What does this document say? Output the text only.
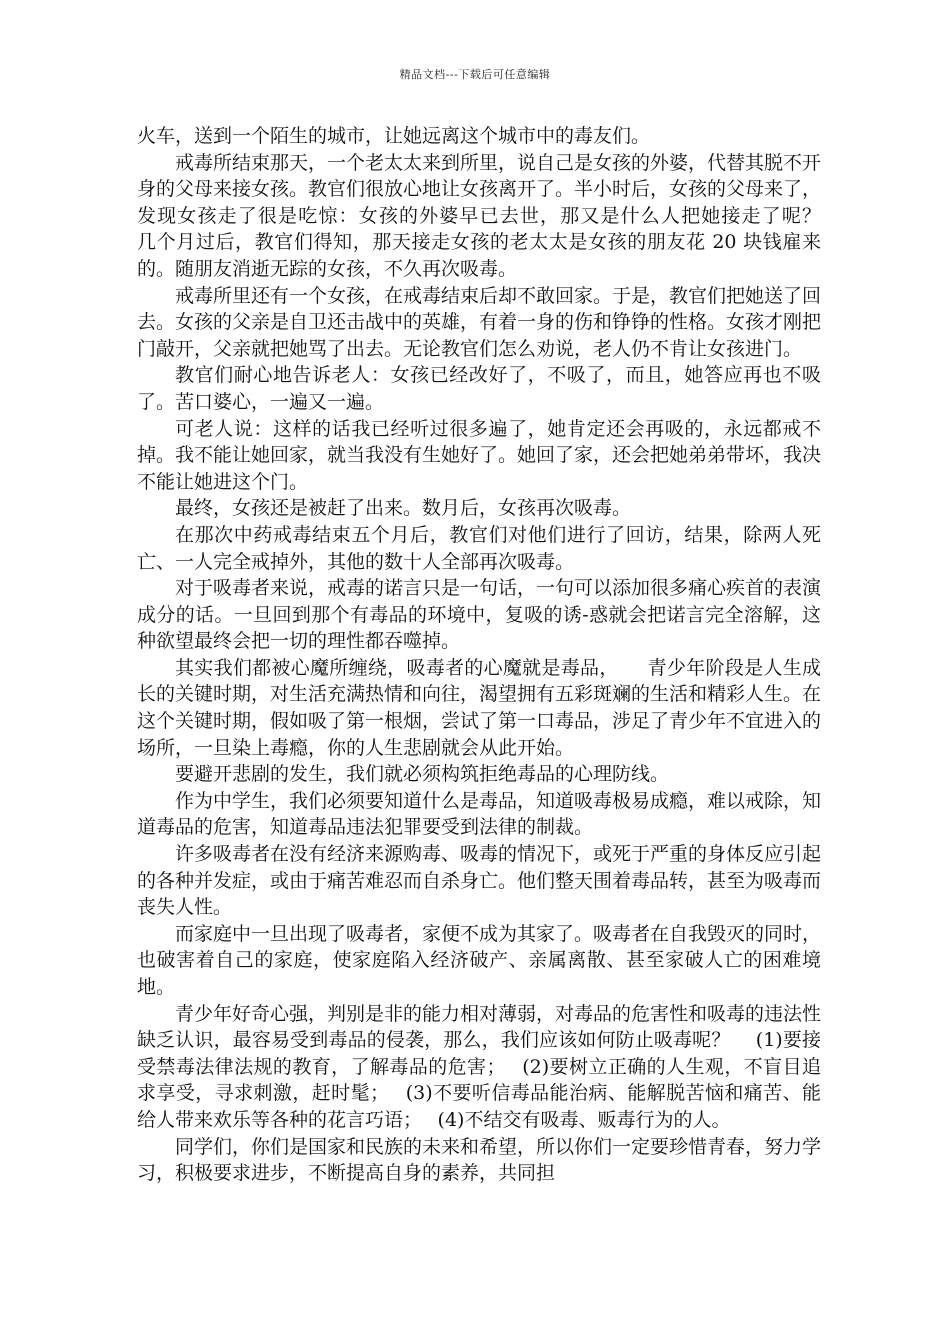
精品文档---下载后可任意编辑

火车，送到一个陌生的城市，让她远离这个城市中的毒友们。

戒毒所结束那天，一个老太太来到所里，说自己是女孩的外婆，代替其脱不开身的父母来接女孩。教官们很放心地让女孩离开了。半小时后，女孩的父母来了，发现女孩走了很是吃惊：女孩的外婆早已去世，那又是什么人把她接走了呢？　 几个月过后，教官们得知，那天接走女孩的老太太是女孩的朋友花 20 块钱雇来的。随朋友消逝无踪的女孩，不久再次吸毒。

戒毒所里还有一个女孩，在戒毒结束后却不敢回家。于是，教官们把她送了回去。女孩的父亲是自卫还击战中的英雄，有着一身的伤和铮铮的性格。女孩才刚把门敲开，父亲就把她骂了出去。无论教官们怎么劝说，老人仍不肯让女孩进门。

教官们耐心地告诉老人：女孩已经改好了，不吸了，而且，她答应再也不吸了。苦口婆心，一遍又一遍。

可老人说：这样的话我已经听过很多遍了，她肯定还会再吸的，永远都戒不掉。我不能让她回家，就当我没有生她好了。她回了家，还会把她弟弟带坏，我决不能让她进这个门。

最终，女孩还是被赶了出来。数月后，女孩再次吸毒。

在那次中药戒毒结束五个月后，教官们对他们进行了回访，结果，除两人死亡、一人完全戒掉外，其他的数十人全部再次吸毒。

对于吸毒者来说，戒毒的诺言只是一句话，一句可以添加很多痛心疾首的表演成分的话。一旦回到那个有毒品的环境中，复吸的诱-惑就会把诺言完全溶解，这种欲望最终会把一切的理性都吞噬掉。

其实我们都被心魔所缠绕，吸毒者的心魔就是毒品，　　青少年阶段是人生成长的关键时期，对生活充满热情和向往，渴望拥有五彩斑斓的生活和精彩人生。在这个关键时期，假如吸了第一根烟，尝试了第一口毒品，涉足了青少年不宜进入的场所，一旦染上毒瘾，你的人生悲剧就会从此开始。

要避开悲剧的发生，我们就必须构筑拒绝毒品的心理防线。

作为中学生，我们必须要知道什么是毒品，知道吸毒极易成瘾，难以戒除，知道毒品的危害，知道毒品违法犯罪要受到法律的制裁。

许多吸毒者在没有经济来源购毒、吸毒的情况下，或死于严重的身体反应引起的各种并发症，或由于痛苦难忍而自杀身亡。他们整天围着毒品转，甚至为吸毒而丧失人性。

而家庭中一旦出现了吸毒者，家便不成为其家了。吸毒者在自我毁灭的同时，也破害着自己的家庭，使家庭陷入经济破产、亲属离散、甚至家破人亡的困难境地。

青少年好奇心强，判别是非的能力相对薄弱，对毒品的危害性和吸毒的违法性缺乏认识，最容易受到毒品的侵袭，那么，我们应该如何防止吸毒呢？　 (1)要接受禁毒法律法规的教育，了解毒品的危害；　 (2)要树立正确的人生观，不盲目追求享受，寻求刺激，赶时髦；　 (3)不要听信毒品能治病、能解脱苦恼和痛苦、能给人带来欢乐等各种的花言巧语；　 (4)不结交有吸毒、贩毒行为的人。

同学们，你们是国家和民族的未来和希望，所以你们一定要珍惜青春，努力学习，积极要求进步，不断提高自身的素养，共同担
